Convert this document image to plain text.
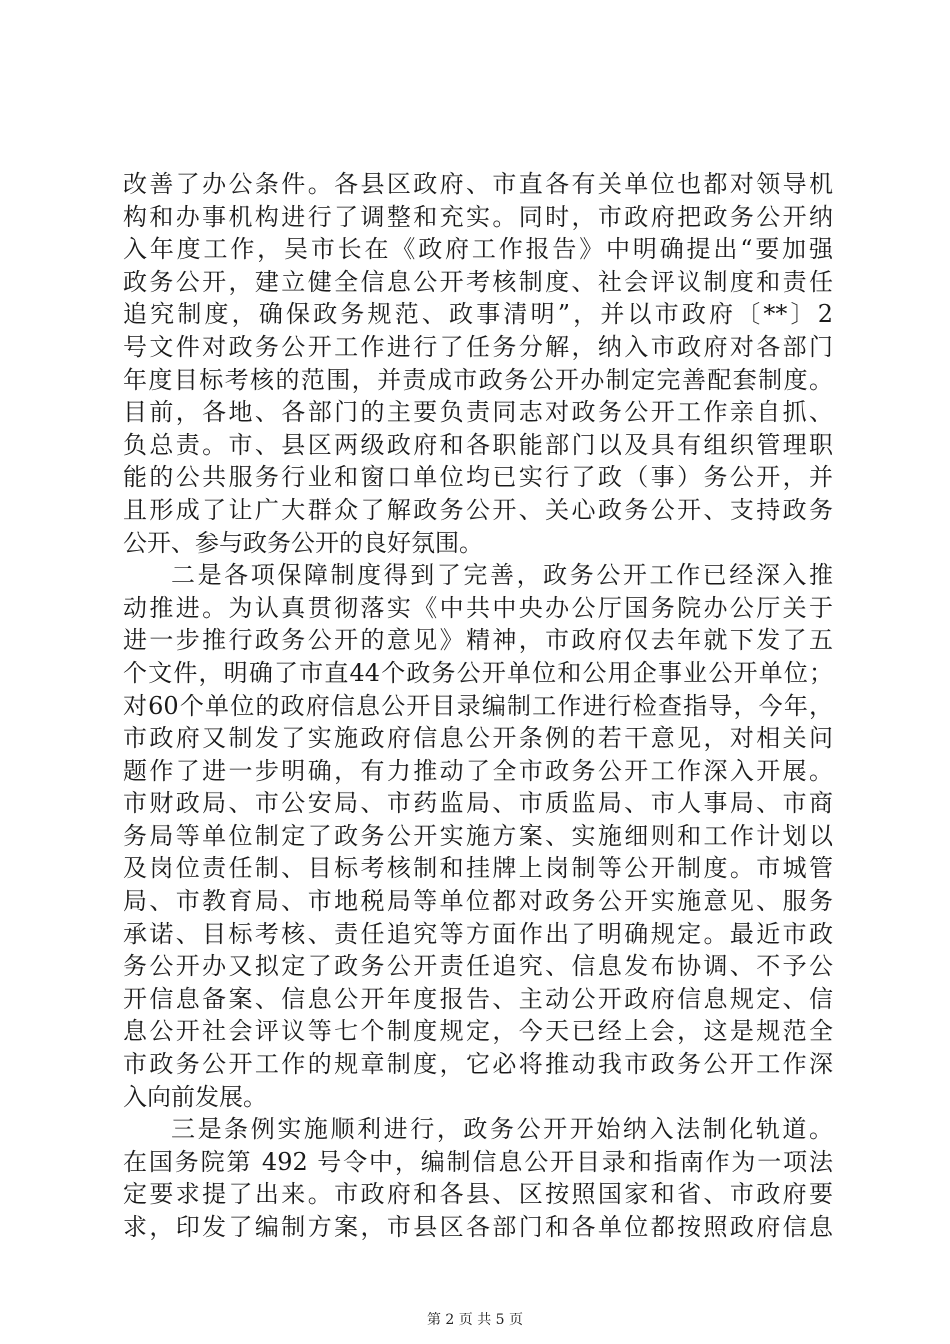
改善了办公条件。各县区政府、市直各有关单位也都对领导机
构和办事机构进行了调整和充实。同时，市政府把政务公开纳
入年度工作，吴市长在《政府工作报告》中明确提出“要加强
政务公开，建立健全信息公开考核制度、社会评议制度和责任
追究制度，确保政务规范、政事清明”，并以市政府〔**〕2
号文件对政务公开工作进行了任务分解，纳入市政府对各部门
年度目标考核的范围，并责成市政务公开办制定完善配套制度。
目前，各地、各部门的主要负责同志对政务公开工作亲自抓、
负总责。市、县区两级政府和各职能部门以及具有组织管理职
能的公共服务行业和窗口单位均已实行了政（事）务公开，并
且形成了让广大群众了解政务公开、关心政务公开、支持政务
公开、参与政务公开的良好氛围。
二是各项保障制度得到了完善，政务公开工作已经深入推
动推进。为认真贯彻落实《中共中央办公厅国务院办公厅关于
进一步推行政务公开的意见》精神，市政府仅去年就下发了五
个文件，明确了市直44个政务公开单位和公用企事业公开单位；
对60个单位的政府信息公开目录编制工作进行检查指导，今年，
市政府又制发了实施政府信息公开条例的若干意见，对相关问
题作了进一步明确，有力推动了全市政务公开工作深入开展。
市财政局、市公安局、市药监局、市质监局、市人事局、市商
务局等单位制定了政务公开实施方案、实施细则和工作计划以
及岗位责任制、目标考核制和挂牌上岗制等公开制度。市城管
局、市教育局、市地税局等单位都对政务公开实施意见、服务
承诺、目标考核、责任追究等方面作出了明确规定。最近市政
务公开办又拟定了政务公开责任追究、信息发布协调、不予公
开信息备案、信息公开年度报告、主动公开政府信息规定、信
息公开社会评议等七个制度规定，今天已经上会，这是规范全
市政务公开工作的规章制度，它必将推动我市政务公开工作深
入向前发展。
三是条例实施顺利进行，政务公开开始纳入法制化轨道。
在国务院第 492 号令中，编制信息公开目录和指南作为一项法
定要求提了出来。市政府和各县、区按照国家和省、市政府要
求，印发了编制方案，市县区各部门和各单位都按照政府信息
第 2 页 共 5 页
